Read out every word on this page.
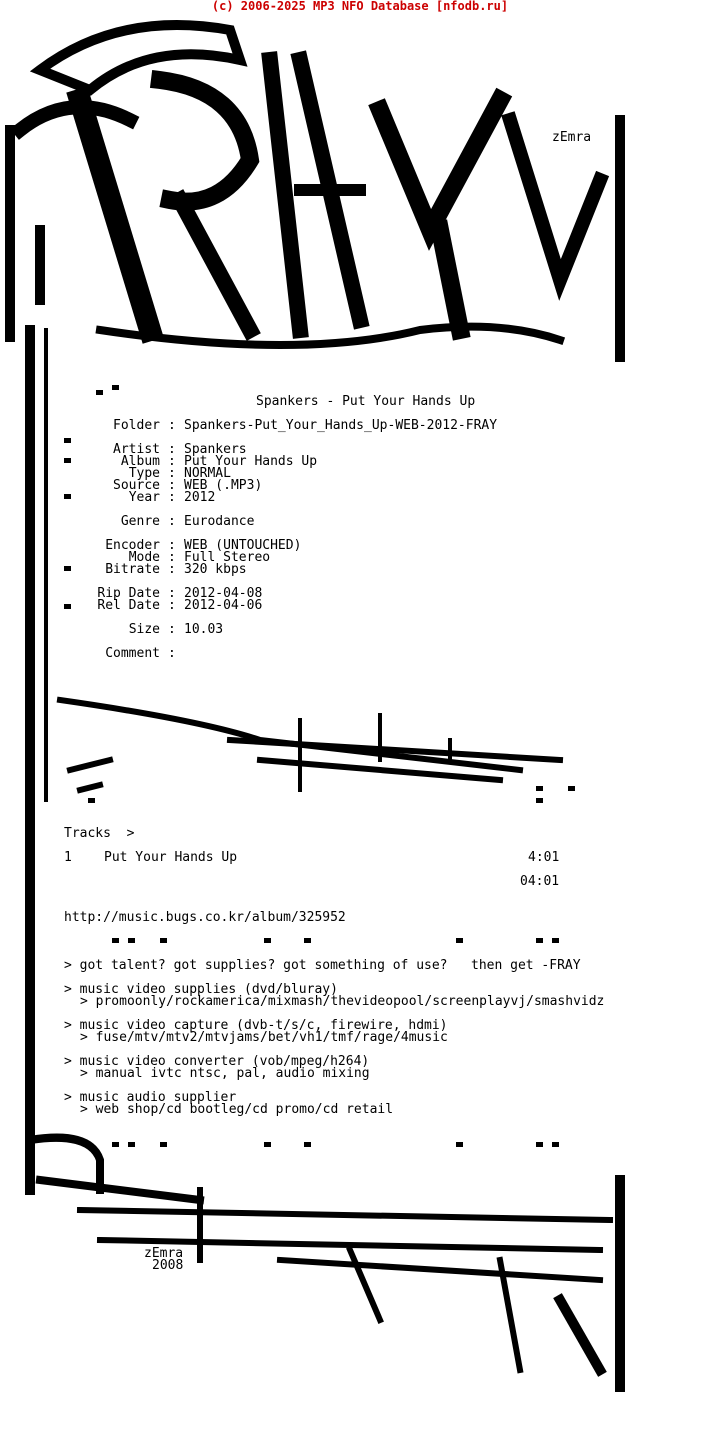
(c) 2006-2025 MP3 NFO Database [nfodb.ru]
zEmra
Spankers - Put Your Hands Up
Folder : Spankers-Put_Your_Hands_Up-WEB-2012-FRAY
Artist : Spankers
Album : Put Your Hands Up
Type : NORMAL
Source : WEB (.MP3)
Year : 2012
Genre : Eurodance
Encoder : WEB (UNTOUCHED)
Mode : Full Stereo
Bitrate : 320 kbps
Rip Date : 2012-04-08
Rel Date : 2012-04-06
Size : 10.03
Comment :
Tracks  >
1 Put Your Hands Up	4:01
04:01
http://music.bugs.co.kr/album/325952
> got talent? got supplies? got something of use?   then get -FRAY
> music video supplies (dvd/bluray)
> promoonly/rockamerica/mixmash/thevideopool/screenplayvj/smashvidz
> music video capture (dvb-t/s/c, firewire, hdmi)
> fuse/mtv/mtv2/mtvjams/bet/vh1/tmf/rage/4music
> music video converter (vob/mpeg/h264)
> manual ivtc ntsc, pal, audio mixing
> music audio supplier
> web shop/cd bootleg/cd promo/cd retail
zEmra
2008
